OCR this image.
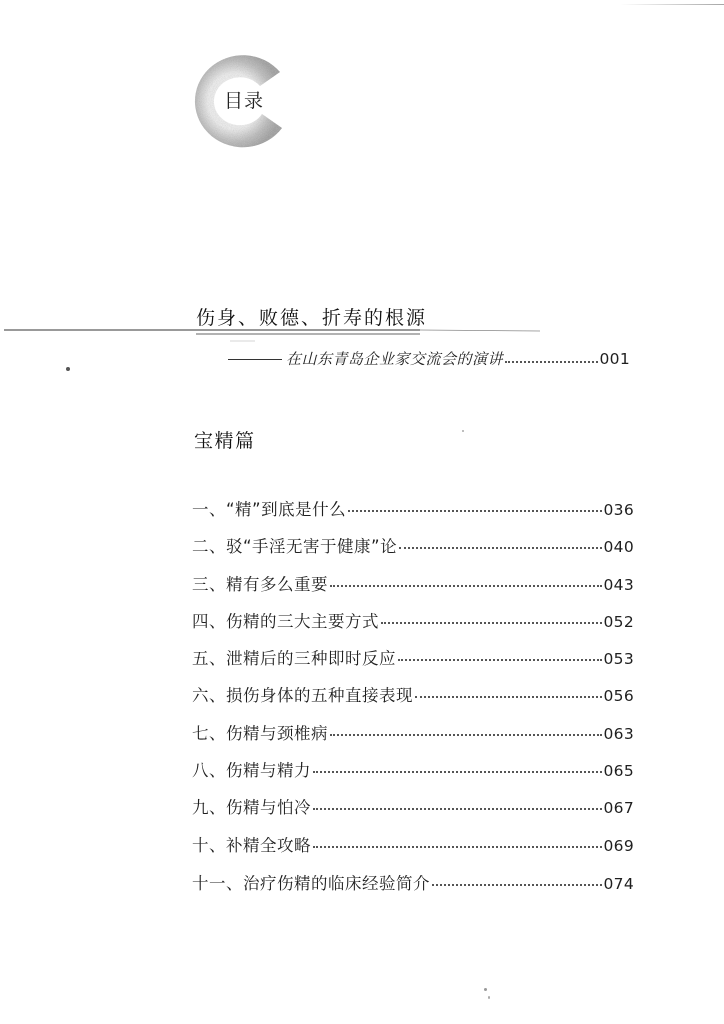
目录
伤身、败德、折寿的根源
在山东青岛企业家交流会的演讲	001
宝精篇
一、“精”到底是什么	036
二、驳“手淫无害于健康”论	040
三、精有多么重要	043
四、伤精的三大主要方式	052
五、泄精后的三种即时反应	053
六、损伤身体的五种直接表现	056
七、伤精与颈椎病	063
八、伤精与精力	065
九、伤精与怕冷	067
十、补精全攻略	069
十一、治疗伤精的临床经验简介	074
